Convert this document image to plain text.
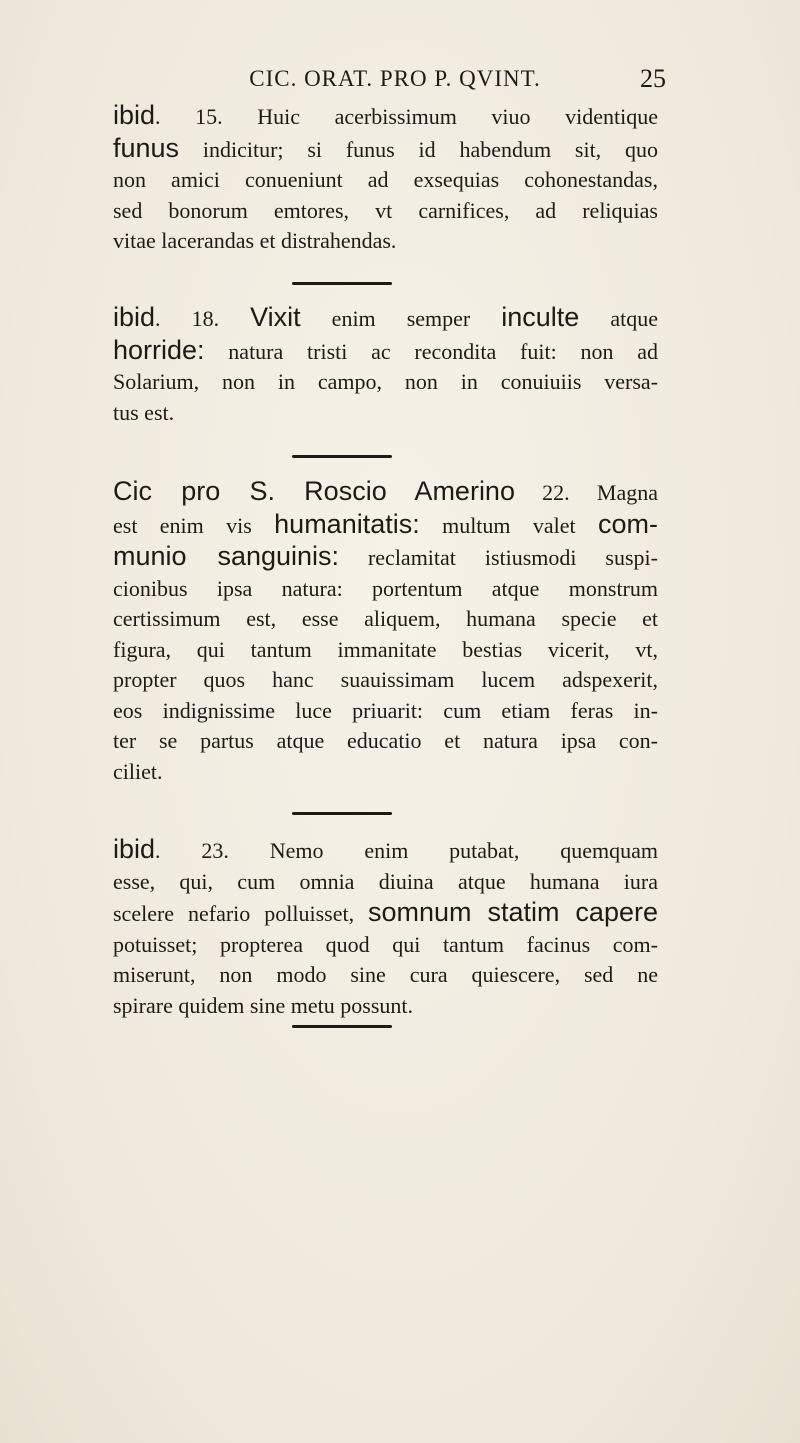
CIC. ORAT. PRO P. QVINT.	25
ibid. 15. Huic acerbissimum viuo videntique
funus indicitur; si funus id habendum sit, quo
non amici conueniunt ad exsequias cohonestandas,
sed bonorum emtores, vt carnifices, ad reliquias
vitae lacerandas et distrahendas.
ibid. 18. Vixit enim semper inculte atque
horride: natura tristi ac recondita fuit: non ad
Solarium, non in campo, non in conuiuiis versa-
tus est.
Cic pro S. Roscio Amerino 22. Magna
est enim vis humanitatis: multum valet com-
munio sanguinis: reclamitat istiusmodi suspi-
cionibus ipsa natura: portentum atque monstrum
certissimum est, esse aliquem, humana specie et
figura, qui tantum immanitate bestias vicerit, vt,
propter quos hanc suauissimam lucem adspexerit,
eos indignissime luce priuarit: cum etiam feras in-
ter se partus atque educatio et natura ipsa con-
ciliet.
ibid. 23. Nemo enim putabat, quemquam
esse, qui, cum omnia diuina atque humana iura
scelere nefario polluisset, somnum statim capere
potuisset; propterea quod qui tantum facinus com-
miserunt, non modo sine cura quiescere, sed ne
spirare quidem sine metu possunt.
